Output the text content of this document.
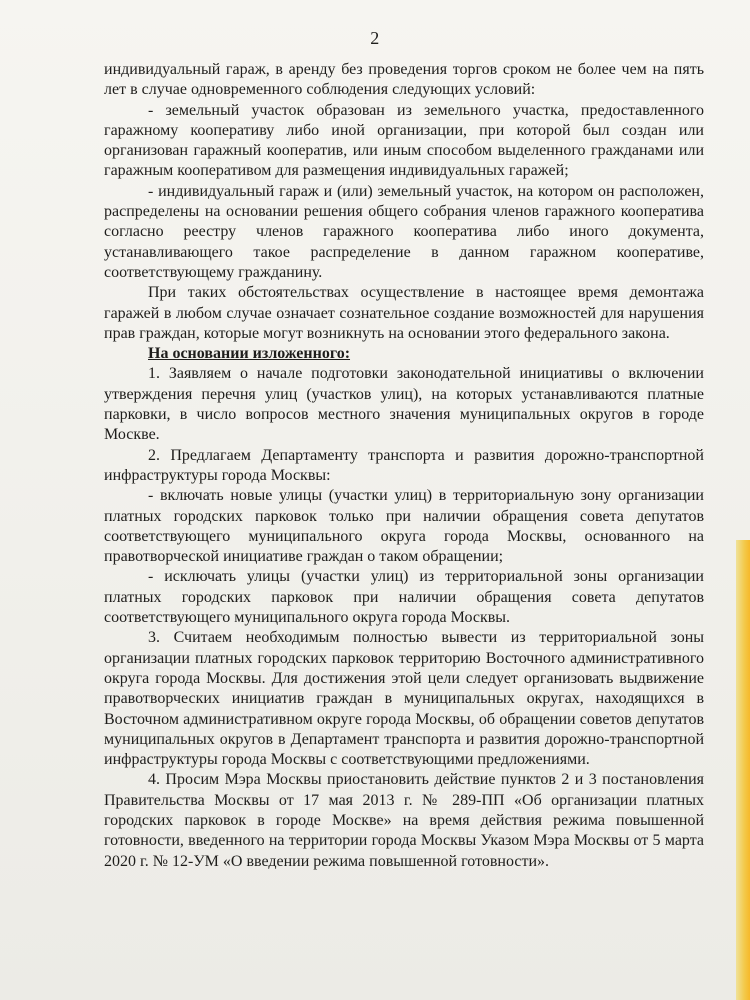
2

индивидуальный гараж, в аренду без проведения торгов сроком не более чем на пять лет в случае одновременного соблюдения следующих условий:

- земельный участок образован из земельного участка, предоставленного гаражному кооперативу либо иной организации, при которой был создан или организован гаражный кооператив, или иным способом выделенного гражданами или гаражным кооперативом для размещения индивидуальных гаражей;

- индивидуальный гараж и (или) земельный участок, на котором он расположен, распределены на основании решения общего собрания членов гаражного кооператива согласно реестру членов гаражного кооператива либо иного документа, устанавливающего такое распределение в данном гаражном кооперативе, соответствующему гражданину.

При таких обстоятельствах осуществление в настоящее время демонтажа гаражей в любом случае означает сознательное создание возможностей для нарушения прав граждан, которые могут возникнуть на основании этого федерального закона.

На основании изложенного:

1. Заявляем о начале подготовки законодательной инициативы о включении утверждения перечня улиц (участков улиц), на которых устанавливаются платные парковки, в число вопросов местного значения муниципальных округов в городе Москве.

2. Предлагаем Департаменту транспорта и развития дорожно-транспортной инфраструктуры города Москвы:

- включать новые улицы (участки улиц) в территориальную зону организации платных городских парковок только при наличии обращения совета депутатов соответствующего муниципального округа города Москвы, основанного на правотворческой инициативе граждан о таком обращении;

- исключать улицы (участки улиц) из территориальной зоны организации платных городских парковок при наличии обращения совета депутатов соответствующего муниципального округа города Москвы.

3. Считаем необходимым полностью вывести из территориальной зоны организации платных городских парковок территорию Восточного административного округа города Москвы. Для достижения этой цели следует организовать выдвижение правотворческих инициатив граждан в муниципальных округах, находящихся в Восточном административном округе города Москвы, об обращении советов депутатов муниципальных округов в Департамент транспорта и развития дорожно-транспортной инфраструктуры города Москвы с соответствующими предложениями.

4. Просим Мэра Москвы приостановить действие пунктов 2 и 3 постановления Правительства Москвы от 17 мая 2013 г. № 289-ПП «Об организации платных городских парковок в городе Москве» на время действия режима повышенной готовности, введенного на территории города Москвы Указом Мэра Москвы от 5 марта 2020 г. № 12-УМ «О введении режима повышенной готовности».
